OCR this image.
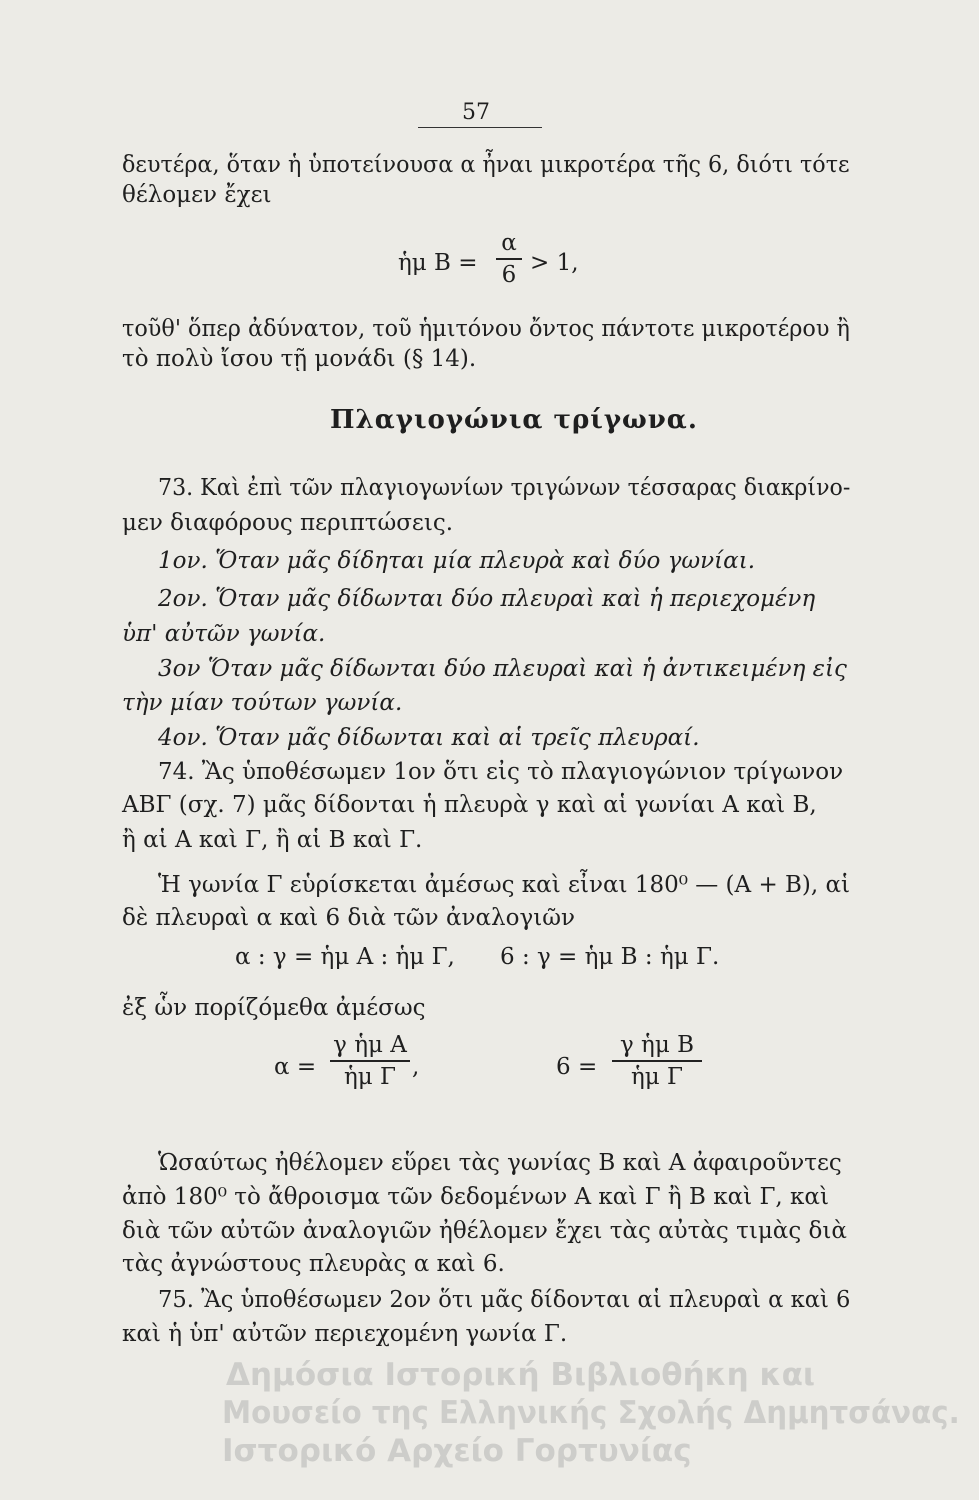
57
δευτέρα, ὅταν ἡ ὑποτείνουσα α ἦναι μικροτέρα τῆς 6, διότι τότε
θέλομεν ἔχει
ἡμ Β =
α
6 > 1,
τοῦθ' ὅπερ ἀδύνατον, τοῦ ἡμιτόνου ὄντος πάντοτε μικροτέρου ἢ
τὸ πολὺ ἴσου τῇ μονάδι (§ 14).
Πλαγιογώνια τρίγωνα.
73. Καὶ ἐπὶ τῶν πλαγιογωνίων τριγώνων τέσσαρας διακρίνο-
μεν διαφόρους περιπτώσεις.
1ον. Ὅταν μᾶς δίδηται μία πλευρὰ καὶ δύο γωνίαι.
2ον. Ὅταν μᾶς δίδωνται δύο πλευραὶ καὶ ἡ περιεχομένη
ὑπ' αὐτῶν γωνία.
3ον Ὅταν μᾶς δίδωνται δύο πλευραὶ καὶ ἡ ἀντικειμένη εἰς
τὴν μίαν τούτων γωνία.
4ον. Ὅταν μᾶς δίδωνται καὶ αἱ τρεῖς πλευραί.
74. Ἂς ὑποθέσωμεν 1ον ὅτι εἰς τὸ πλαγιογώνιον τρίγωνον
ΑΒΓ (σχ. 7) μᾶς δίδονται ἡ πλευρὰ γ καὶ αἱ γωνίαι Α καὶ Β,
ἢ αἱ Α καὶ Γ, ἢ αἱ Β καὶ Γ.
Ἡ γωνία Γ εὑρίσκεται ἀμέσως καὶ εἶναι 180⁰ — (Α + Β), αἱ
δὲ πλευραὶ α καὶ 6 διὰ τῶν ἀναλογιῶν
α : γ = ἡμ Α : ἡμ Γ, 6 : γ = ἡμ Β : ἡμ Γ.
ἐξ ὧν πορίζόμεθα ἀμέσως
α =
γ ἡμ Α
ἡμ Γ ,	6 =
γ ἡμ Β
ἡμ Γ
Ὡσαύτως ἠθέλομεν εὕρει τὰς γωνίας Β καὶ Α ἀφαιροῦντες
ἀπὸ 180⁰ τὸ ἄθροισμα τῶν δεδομένων Α καὶ Γ ἢ Β καὶ Γ, καὶ
διὰ τῶν αὐτῶν ἀναλογιῶν ἠθέλομεν ἔχει τὰς αὐτὰς τιμὰς διὰ
τὰς ἀγνώστους πλευρὰς α καὶ 6.
75. Ἂς ὑποθέσωμεν 2ον ὅτι μᾶς δίδονται αἱ πλευραὶ α καὶ 6
καὶ ἡ ὑπ' αὐτῶν περιεχομένη γωνία Γ.
Δημόσια Ιστορική Βιβλιοθήκη και
Μουσείο της Ελληνικής Σχολής Δημητσάνας.
Ιστορικό Αρχείο Γορτυνίας
